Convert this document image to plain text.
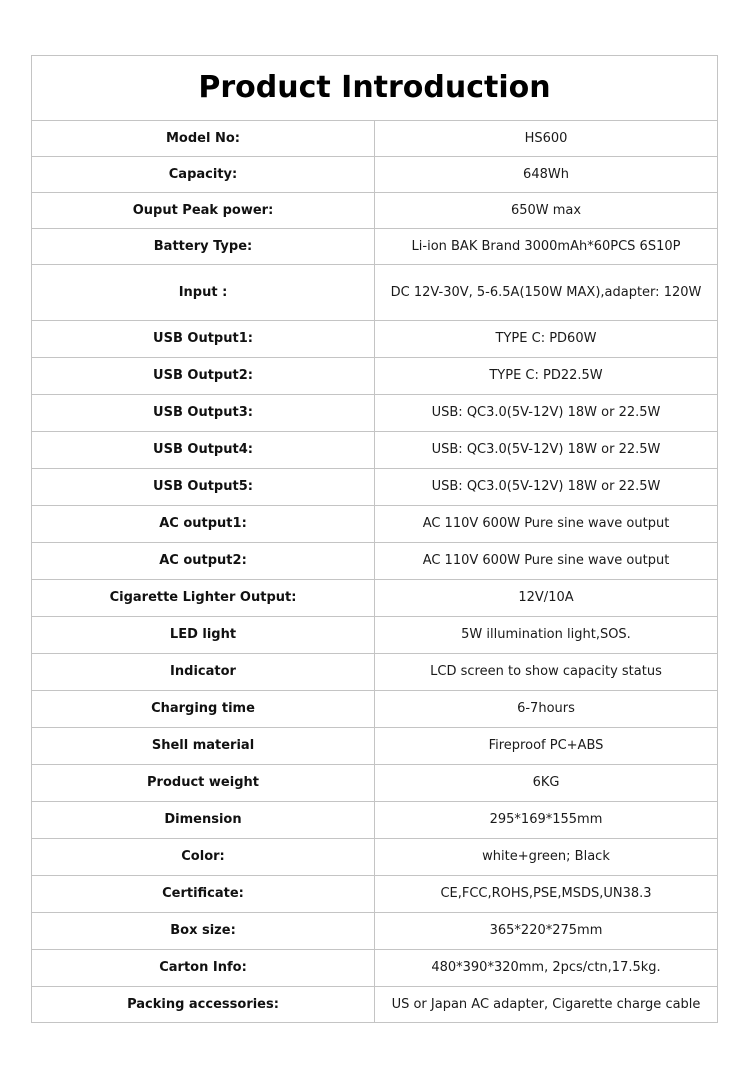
Product Introduction	
Model No:	HS600
Capacity:	648Wh
Ouput Peak power:	650W max
Battery Type:	Li-ion BAK Brand 3000mAh*60PCS 6S10P
Input :	DC 12V-30V, 5-6.5A(150W MAX),adapter: 120W
USB Output1:	TYPE C: PD60W
USB Output2:	TYPE C: PD22.5W
USB Output3:	USB: QC3.0(5V-12V) 18W or 22.5W
USB Output4:	USB: QC3.0(5V-12V) 18W or 22.5W
USB Output5:	USB: QC3.0(5V-12V) 18W or 22.5W
AC output1:	AC 110V 600W Pure sine wave output
AC output2:	AC 110V 600W Pure sine wave output
Cigarette Lighter Output:	12V/10A
LED light	5W illumination light,SOS.
Indicator	LCD screen to show capacity status
Charging time	6-7hours
Shell material	Fireproof PC+ABS
Product weight	6KG
Dimension	295*169*155mm
Color:	white+green; Black
Certificate:	CE,FCC,ROHS,PSE,MSDS,UN38.3
Box size:	365*220*275mm
Carton Info:	480*390*320mm, 2pcs/ctn,17.5kg.
Packing accessories:	US or Japan AC adapter, Cigarette charge cable
